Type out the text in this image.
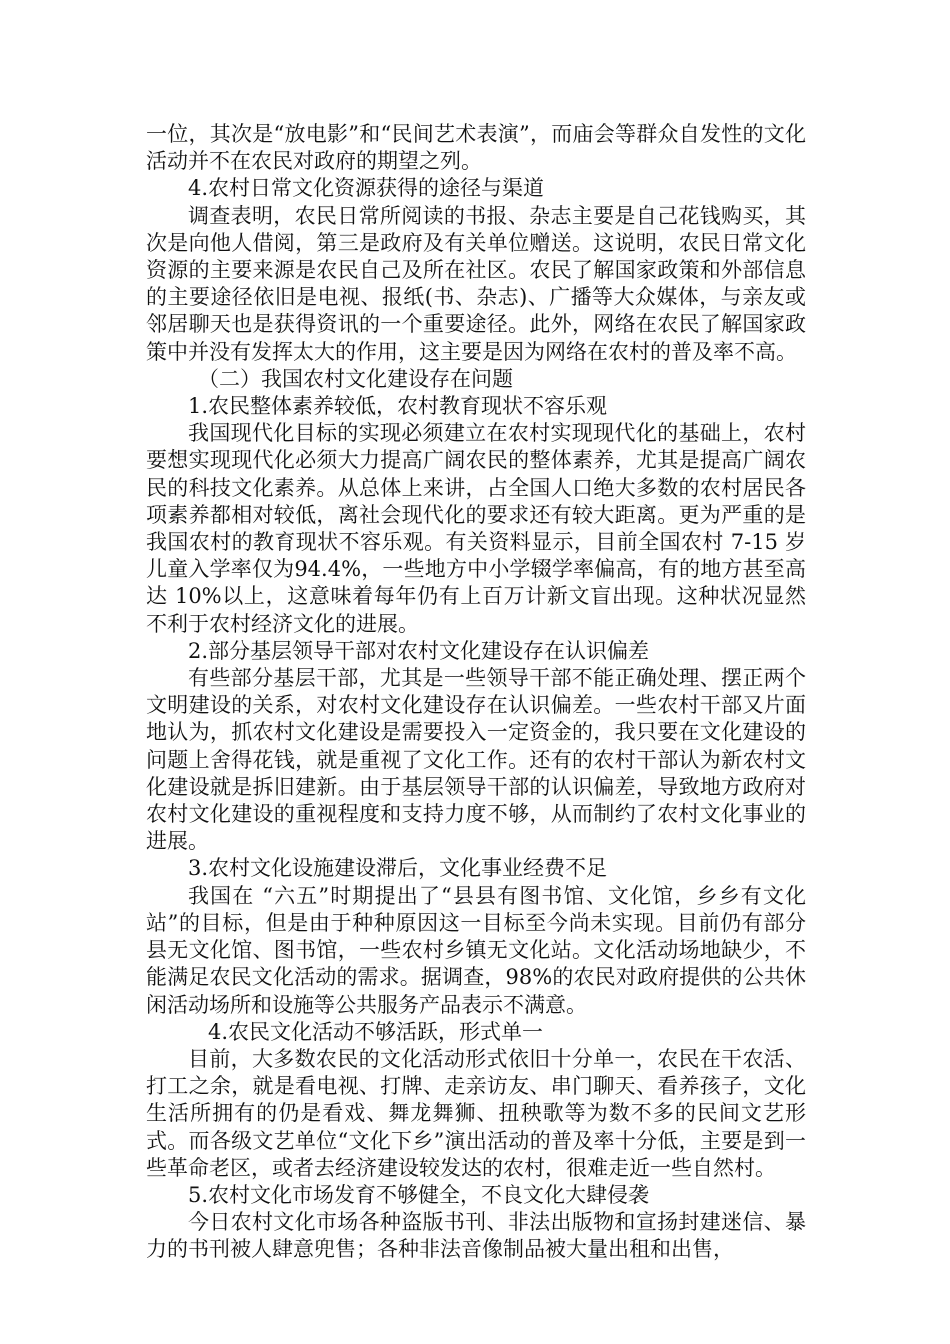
一位，其次是“放电影”和“民间艺术表演”，而庙会等群众自发性的文化活动并不在农民对政府的期望之列。

4.农村日常文化资源获得的途径与渠道

调查表明，农民日常所阅读的书报、杂志主要是自己花钱购买，其次是向他人借阅，第三是政府及有关单位赠送。这说明，农民日常文化资源的主要来源是农民自己及所在社区。农民了解国家政策和外部信息的主要途径依旧是电视、报纸(书、杂志)、广播等大众媒体，与亲友或邻居聊天也是获得资讯的一个重要途径。此外，网络在农民了解国家政策中并没有发挥太大的作用，这主要是因为网络在农村的普及率不高。

（二）我国农村文化建设存在问题

1.农民整体素养较低，农村教育现状不容乐观

我国现代化目标的实现必须建立在农村实现现代化的基础上，农村要想实现现代化必须大力提高广阔农民的整体素养，尤其是提高广阔农民的科技文化素养。从总体上来讲，占全国人口绝大多数的农村居民各项素养都相对较低，离社会现代化的要求还有较大距离。更为严重的是我国农村的教育现状不容乐观。有关资料显示，目前全国农村 7-15 岁儿童入学率仅为94.4%，一些地方中小学辍学率偏高，有的地方甚至高达 10%以上，这意味着每年仍有上百万计新文盲出现。这种状况显然不利于农村经济文化的进展。

2.部分基层领导干部对农村文化建设存在认识偏差

有些部分基层干部，尤其是一些领导干部不能正确处理、摆正两个文明建设的关系，对农村文化建设存在认识偏差。一些农村干部又片面地认为，抓农村文化建设是需要投入一定资金的，我只要在文化建设的问题上舍得花钱，就是重视了文化工作。还有的农村干部认为新农村文化建设就是拆旧建新。由于基层领导干部的认识偏差，导致地方政府对农村文化建设的重视程度和支持力度不够，从而制约了农村文化事业的进展。

3.农村文化设施建设滞后，文化事业经费不足

我国在 “六五”时期提出了“县县有图书馆、文化馆，乡乡有文化站”的目标，但是由于种种原因这一目标至今尚未实现。目前仍有部分县无文化馆、图书馆，一些农村乡镇无文化站。文化活动场地缺少，不能满足农民文化活动的需求。据调查，98%的农民对政府提供的公共休闲活动场所和设施等公共服务产品表示不满意。

4.农民文化活动不够活跃，形式单一

目前，大多数农民的文化活动形式依旧十分单一，农民在干农活、打工之余，就是看电视、打牌、走亲访友、串门聊天、看养孩子，文化生活所拥有的仍是看戏、舞龙舞狮、扭秧歌等为数不多的民间文艺形式。而各级文艺单位“文化下乡”演出活动的普及率十分低，主要是到一些革命老区，或者去经济建设较发达的农村，很难走近一些自然村。

5.农村文化市场发育不够健全，不良文化大肆侵袭

今日农村文化市场各种盗版书刊、非法出版物和宣扬封建迷信、暴力的书刊被人肆意兜售；各种非法音像制品被大量出租和出售，
